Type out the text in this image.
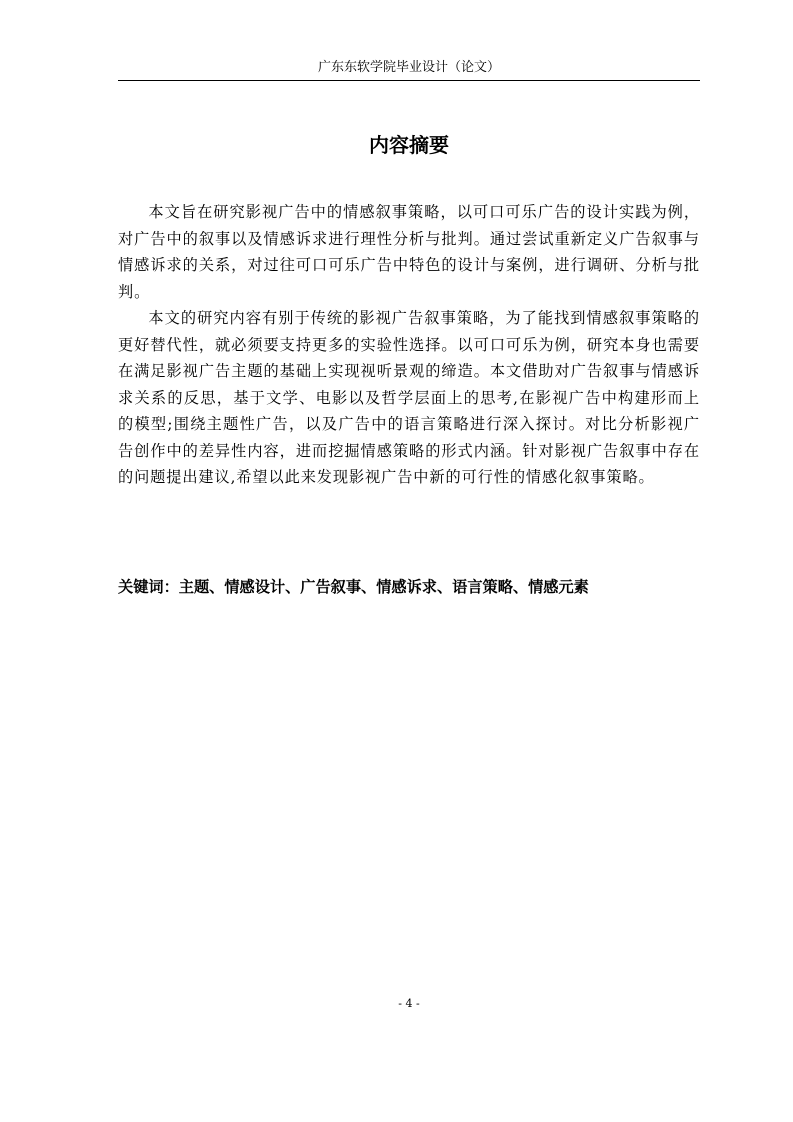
广东东软学院毕业设计（论文）
内容摘要

本文旨在研究影视广告中的情感叙事策略，以可口可乐广告的设计实践为例，对广告中的叙事以及情感诉求进行理性分析与批判。通过尝试重新定义广告叙事与情感诉求的关系，对过往可口可乐广告中特色的设计与案例，进行调研、分析与批判。

本文的研究内容有别于传统的影视广告叙事策略，为了能找到情感叙事策略的更好替代性，就必须要支持更多的实验性选择。以可口可乐为例，研究本身也需要在满足影视广告主题的基础上实现视听景观的缔造。本文借助对广告叙事与情感诉求关系的反思，基于文学、电影以及哲学层面上的思考,在影视广告中构建形而上的模型;围绕主题性广告，以及广告中的语言策略进行深入探讨。对比分析影视广告创作中的差异性内容，进而挖掘情感策略的形式内涵。针对影视广告叙事中存在的问题提出建议,希望以此来发现影视广告中新的可行性的情感化叙事策略。

关键词：主题、情感设计、广告叙事、情感诉求、语言策略、情感元素
- 4 -
